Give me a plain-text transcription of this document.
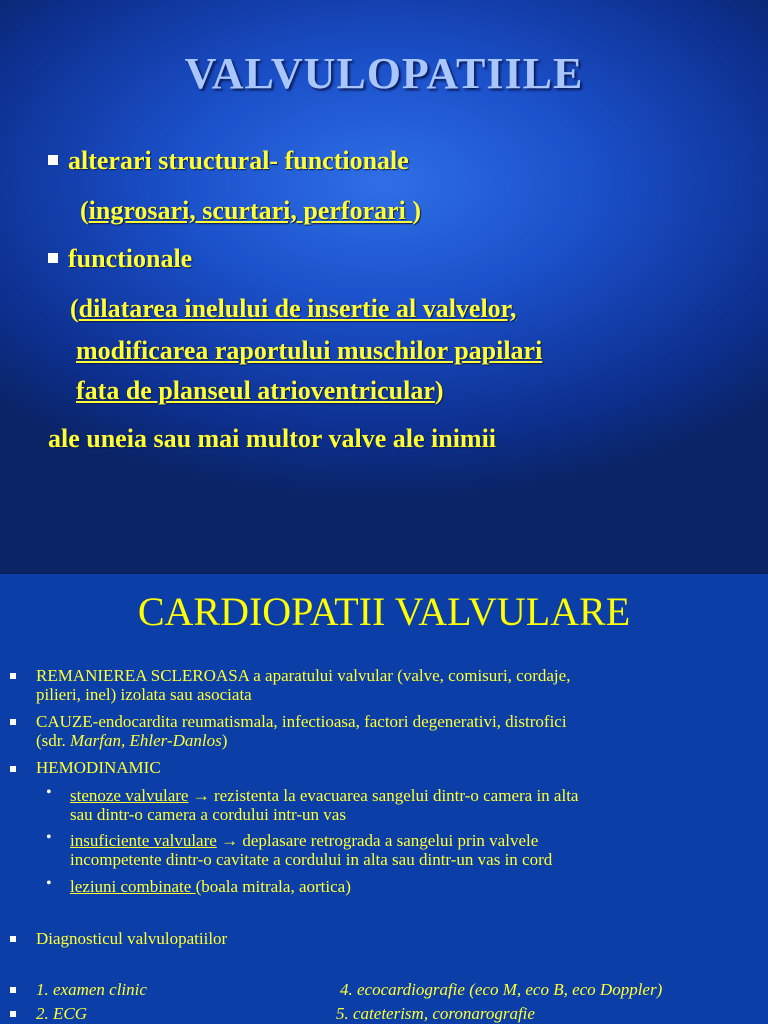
VALVULOPATIILE
alterari structural- functionale
(ingrosari, scurtari, perforari )
functionale
(dilatarea inelului de insertie al valvelor,
modificarea raportului muschilor papilari
fata de planseul atrioventricular)
ale uneia sau mai multor valve ale inimii
CARDIOPATII VALVULARE
REMANIEREA SCLEROASA a aparatului valvular (valve, comisuri, cordaje,
pilieri, inel) izolata sau asociata
CAUZE-endocardita reumatismala, infectioasa, factori degenerativi, distrofici
(sdr. Marfan, Ehler-Danlos)
HEMODINAMIC
• stenoze valvulare → rezistenta la evacuarea sangelui dintr-o camera in alta
sau dintr-o camera a cordului intr-un vas
• insuficiente valvulare → deplasare retrograda a sangelui prin valvele
incompetente dintr-o cavitate a cordului in alta sau dintr-un vas in cord
• leziuni combinate (boala mitrala, aortica)
Diagnosticul valvulopatiilor
1. examen clinic	4. ecocardiografie (eco M, eco B, eco Doppler)
2. ECG	5. cateterism, coronarografie
